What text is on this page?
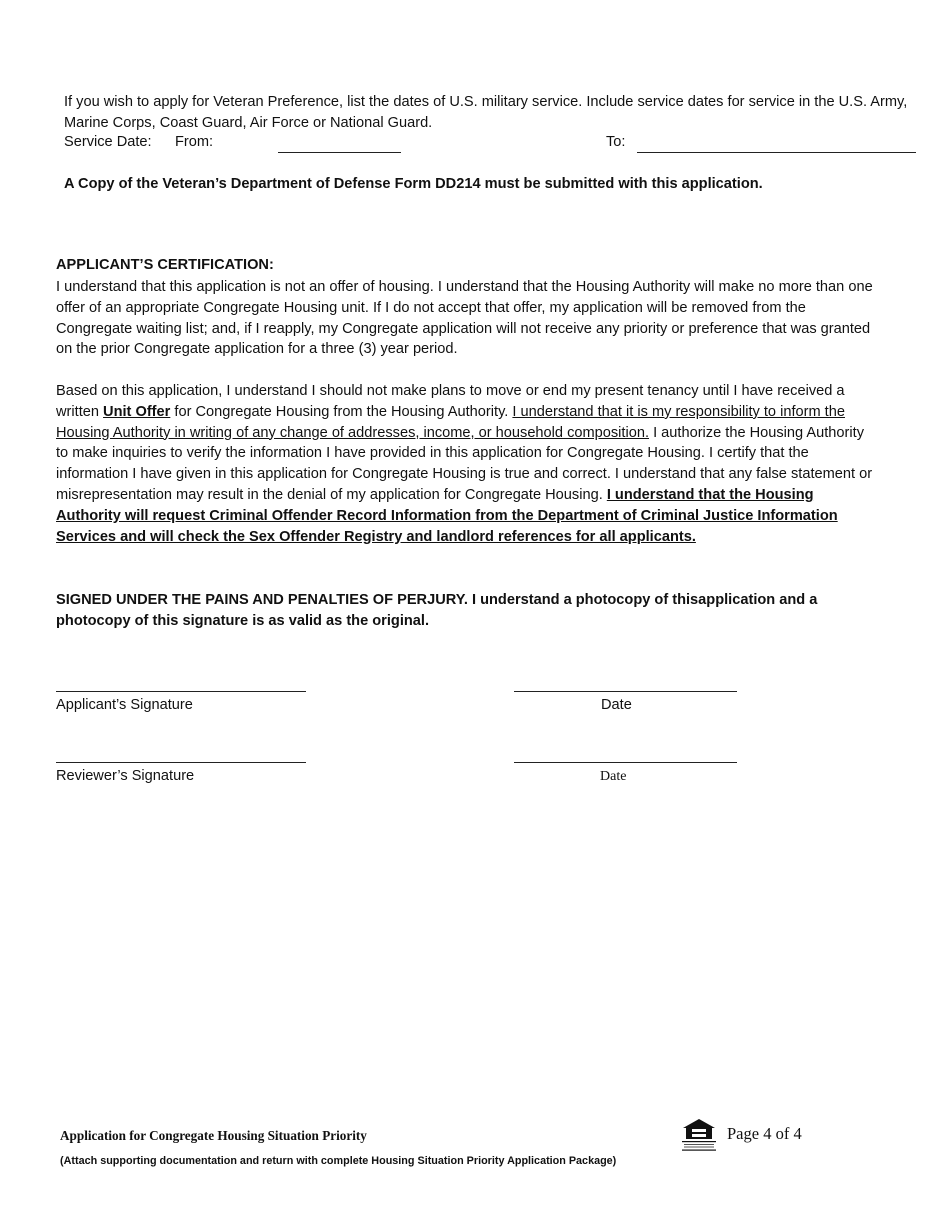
If you wish to apply for Veteran Preference, list the dates of U.S. military service. Include service dates for service in the U.S. Army, Marine Corps, Coast Guard, Air Force or National Guard.

Service Date: From:	To:

A Copy of the Veteran’s Department of Defense Form DD214 must be submitted with this application.

APPLICANT’S CERTIFICATION:

I understand that this application is not an offer of housing. I understand that the Housing Authority will make no more than one offer of an appropriate Congregate Housing unit. If I do not accept that offer, my application will be removed from the Congregate waiting list; and, if I reapply, my Congregate application will not receive any priority or preference that was granted on the prior Congregate application for a three (3) year period.

Based on this application, I understand I should not make plans to move or end my present tenancy until I have received a written Unit Offer for Congregate Housing from the Housing Authority. I understand that it is my responsibility to inform the Housing Authority in writing of any change of addresses, income, or household composition. I authorize the Housing Authority to make inquiries to verify the information I have provided in this application for Congregate Housing. I certify that the information I have given in this application for Congregate Housing is true and correct. I understand that any false statement or misrepresentation may result in the denial of my application for Congregate Housing. I understand that the Housing Authority will request Criminal Offender Record Information from the Department of Criminal Justice Information Services and will check the Sex Offender Registry and landlord references for all applicants.

SIGNED UNDER THE PAINS AND PENALTIES OF PERJURY. I understand a photocopy of thisapplication and a photocopy of this signature is as valid as the original.

Applicant’s Signature	Date
Reviewer’s Signature	Date
Application for Congregate Housing Situation Priority
(Attach supporting documentation and return with complete Housing Situation Priority Application Package)
Page 4 of 4
